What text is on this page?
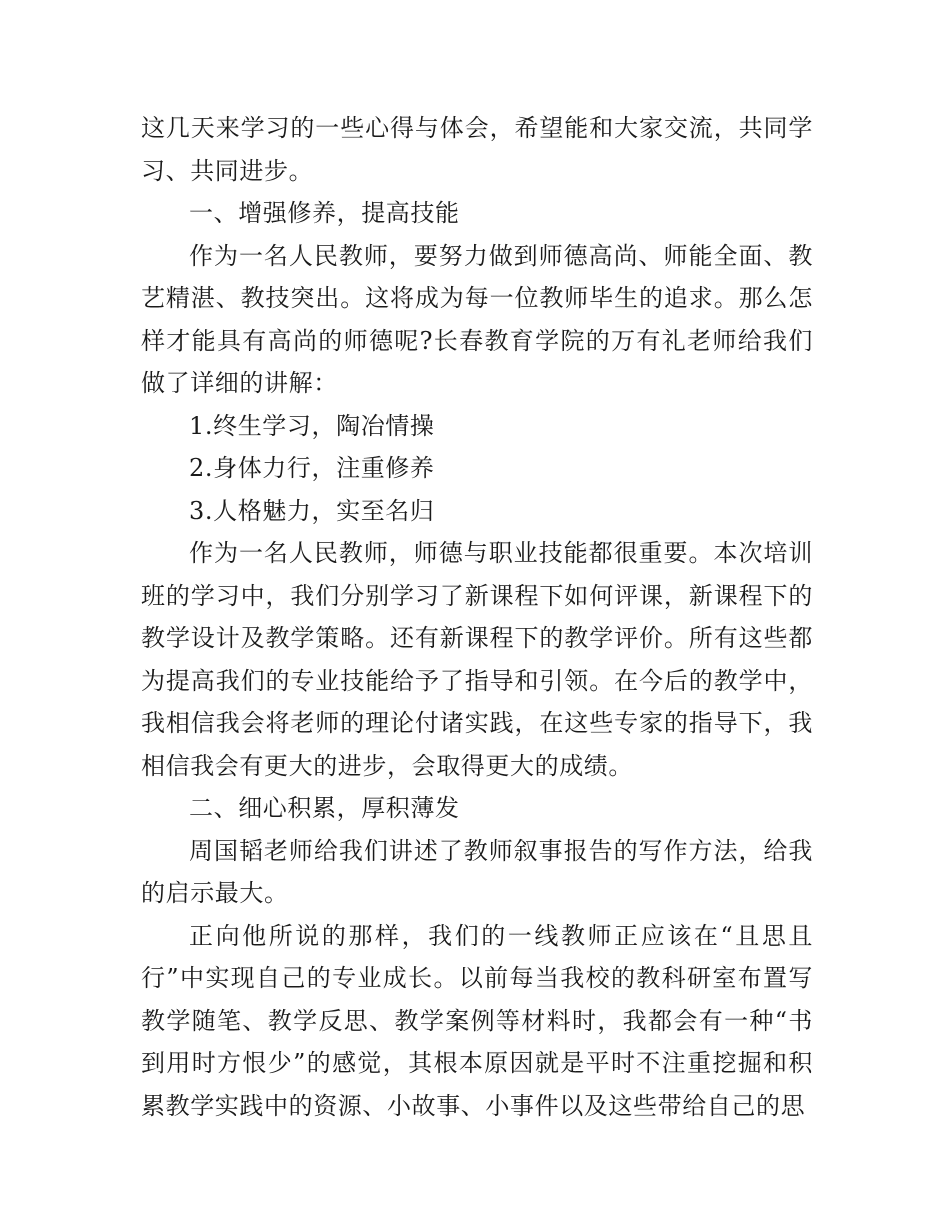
这几天来学习的一些心得与体会，希望能和大家交流，共同学习、共同进步。

一、增强修养，提高技能

作为一名人民教师，要努力做到师德高尚、师能全面、教艺精湛、教技突出。这将成为每一位教师毕生的追求。那么怎样才能具有高尚的师德呢?长春教育学院的万有礼老师给我们做了详细的讲解：

1.终生学习，陶冶情操

2.身体力行，注重修养

3.人格魅力，实至名归

作为一名人民教师，师德与职业技能都很重要。本次培训班的学习中，我们分别学习了新课程下如何评课，新课程下的教学设计及教学策略。还有新课程下的教学评价。所有这些都为提高我们的专业技能给予了指导和引领。在今后的教学中，我相信我会将老师的理论付诸实践，在这些专家的指导下，我相信我会有更大的进步，会取得更大的成绩。

二、细心积累，厚积薄发

周国韬老师给我们讲述了教师叙事报告的写作方法，给我的启示最大。

正向他所说的那样，我们的一线教师正应该在“且思且行”中实现自己的专业成长。以前每当我校的教科研室布置写教学随笔、教学反思、教学案例等材料时，我都会有一种“书到用时方恨少”的感觉，其根本原因就是平时不注重挖掘和积累教学实践中的资源、小故事、小事件以及这些带给自己的思
